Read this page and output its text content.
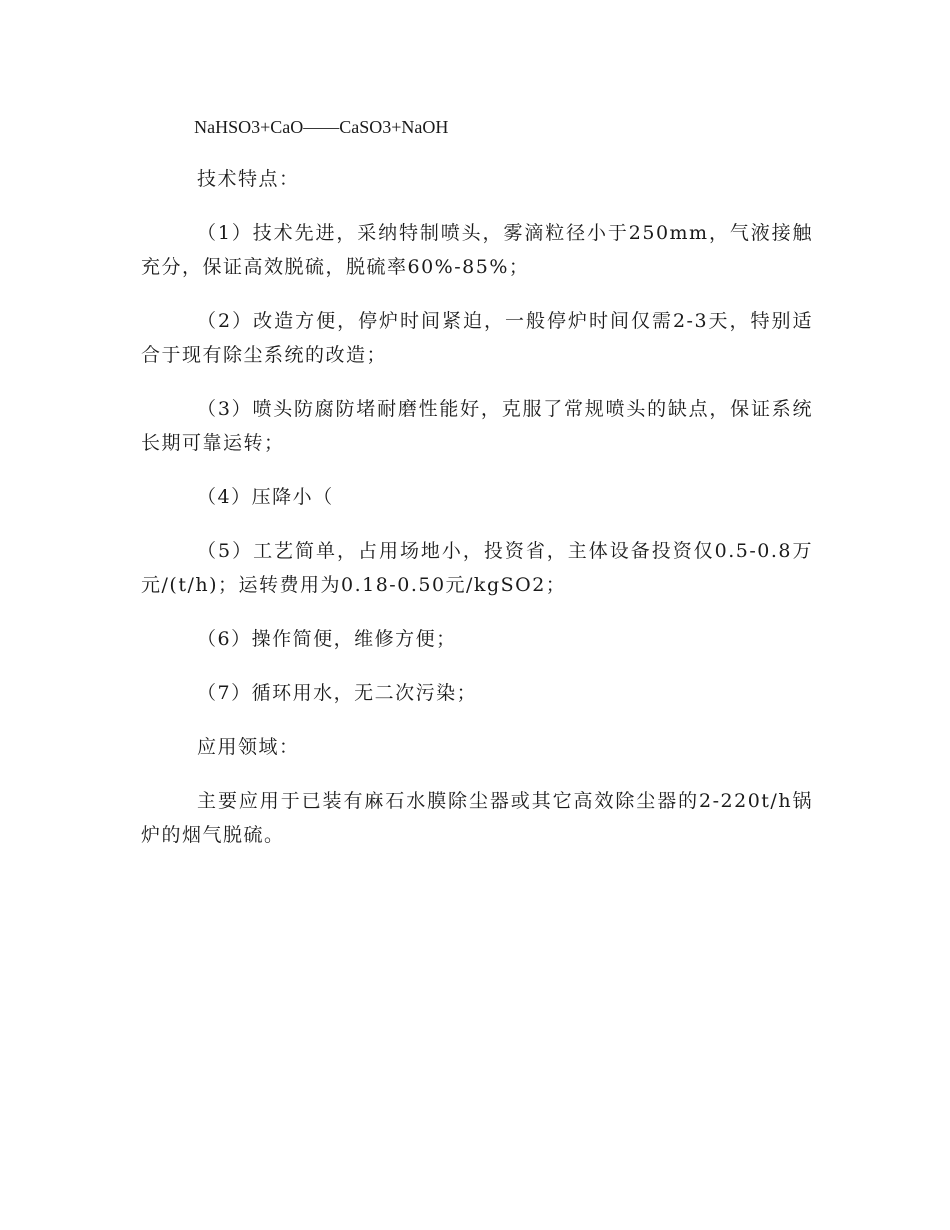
NaHSO3+CaO——CaSO3+NaOH

技术特点：

（1）技术先进，采纳特制喷头，雾滴粒径小于250mm，气液接触充分，保证高效脱硫，脱硫率60%-85%；

（2）改造方便，停炉时间紧迫，一般停炉时间仅需2-3天，特别适合于现有除尘系统的改造；

（3）喷头防腐防堵耐磨性能好，克服了常规喷头的缺点，保证系统长期可靠运转；

（4）压降小（

（5）工艺简单，占用场地小，投资省，主体设备投资仅0.5-0.8万元/(t/h)；运转费用为0.18-0.50元/kgSO2；

（6）操作简便，维修方便；

（7）循环用水，无二次污染；

应用领域：

主要应用于已装有麻石水膜除尘器或其它高效除尘器的2-220t/h锅炉的烟气脱硫。
